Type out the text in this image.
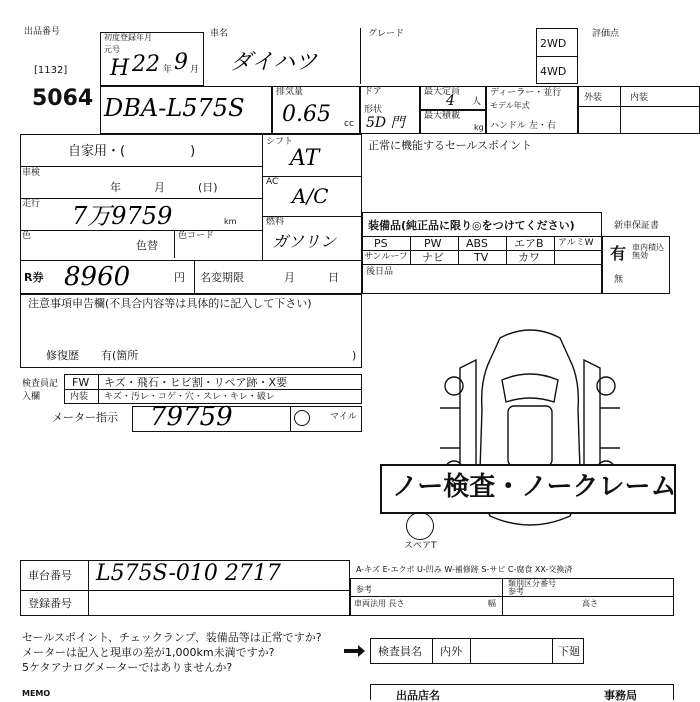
出品番号
[1132]
5064
初度登録年月
元号
H 22 年 9 月
車名
ダイハツ
グレード
2WD
4WD
評価点
DBA-L575S
排気量
0.65 cc
ドア
形状
5D 門
最大定員
4 人
最大積載
kg
ディーラー・並行
モデル年式
ハンドル 左・右
外装	内装
自家用・(　　　　　)
車検
年　　　月　　　(日)
走行 7万9759	km
色
色替
色コード
シフト
AT
AC
A/C
燃料
ガソリン
R券 8960	円 名変期限	月　　　日
正常に機能するセールスポイント
装備品(純正品に限り◎をつけてください)
PS	PW ABS エアB アルミW
サンルーフ ナビ	TV	カワ
後日品
新車保証書
有 車内積込無効
無
注意事項申告欄(不具合内容等は具体的に記入して下さい)
修復歴　　有(箇所	)
検査員記入欄
FW キズ・飛石・ヒビ割・リペア跡・X要
内装 キズ・汚レ・コゲ・穴・スレ・キレ・破レ
メーター指示 79759	マイル
ノー検査・ノークレーム
スペアT
車台番号 L575S-010 2717
登録番号
A-キズ E-エクボ U-凹み W-補修跡 S-サビ C-腐食 XX-交換済
参考
類別区分番号
参考
車両法用 長さ	幅	高さ
セールスポイント、チェックランプ、装備品等は正常ですか?
メーターは記入と現車の差が1,000km未満ですか?
5ケタアナログメーターではありませんか?
検査員名 内外	下廻
MEMO	出品店名	事務局
